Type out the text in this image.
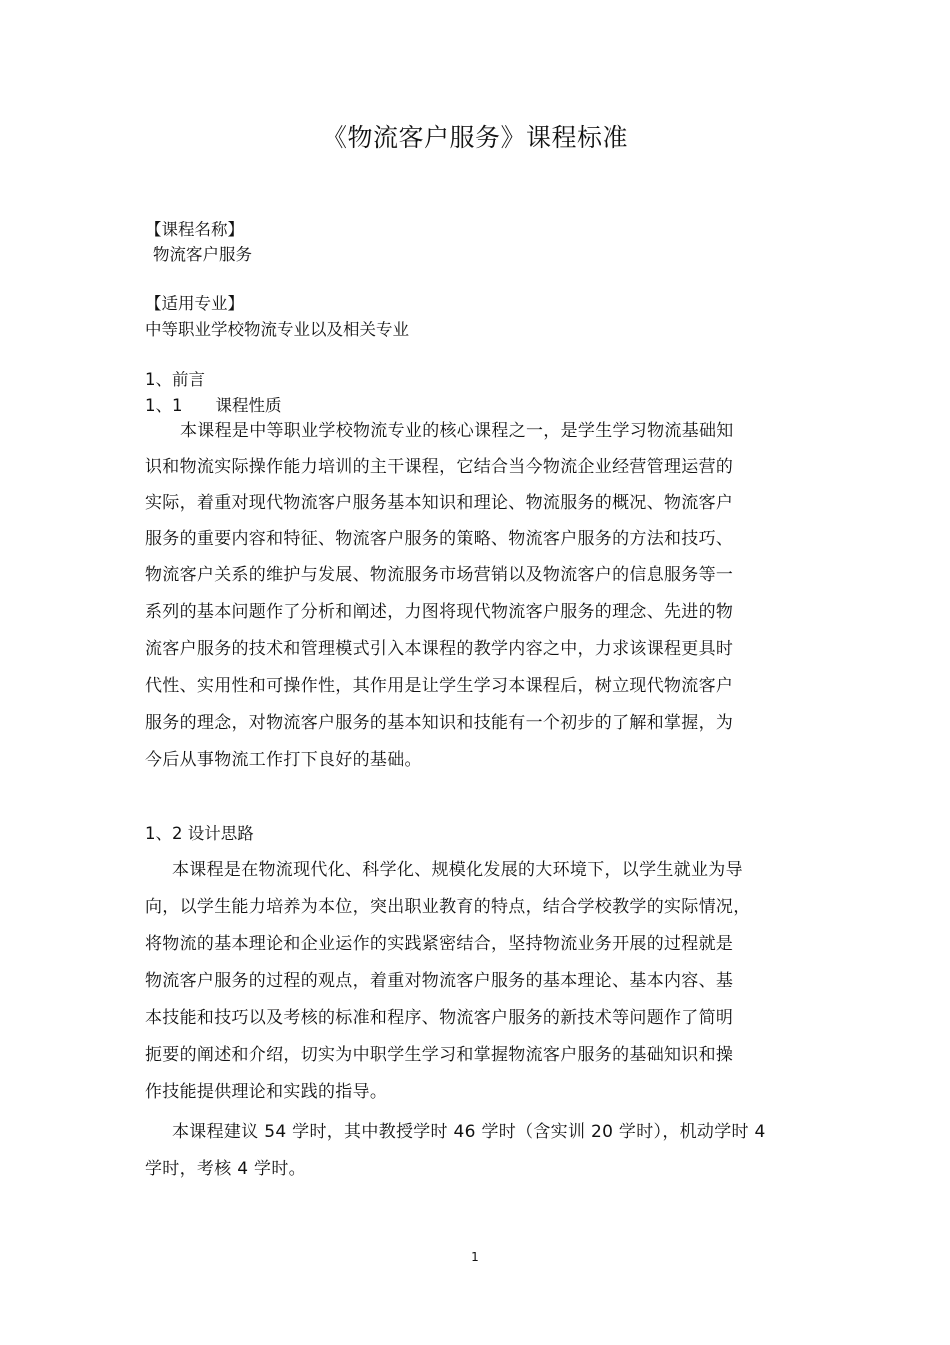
《物流客户服务》课程标准
【课程名称】
物流客户服务
【适用专业】
中等职业学校物流专业以及相关专业
1、前言
1、1　　课程性质
本课程是中等职业学校物流专业的核心课程之一，是学生学习物流基础知
识和物流实际操作能力培训的主干课程，它结合当今物流企业经营管理运营的
实际，着重对现代物流客户服务基本知识和理论、物流服务的概况、物流客户
服务的重要内容和特征、物流客户服务的策略、物流客户服务的方法和技巧、
物流客户关系的维护与发展、物流服务市场营销以及物流客户的信息服务等一
系列的基本问题作了分析和阐述，力图将现代物流客户服务的理念、先进的物
流客户服务的技术和管理模式引入本课程的教学内容之中，力求该课程更具时
代性、实用性和可操作性，其作用是让学生学习本课程后，树立现代物流客户
服务的理念，对物流客户服务的基本知识和技能有一个初步的了解和掌握，为
今后从事物流工作打下良好的基础。
1、2 设计思路
本课程是在物流现代化、科学化、规模化发展的大环境下，以学生就业为导
向，以学生能力培养为本位，突出职业教育的特点，结合学校教学的实际情况，
将物流的基本理论和企业运作的实践紧密结合，坚持物流业务开展的过程就是
物流客户服务的过程的观点，着重对物流客户服务的基本理论、基本内容、基
本技能和技巧以及考核的标准和程序、物流客户服务的新技术等问题作了简明
扼要的阐述和介绍，切实为中职学生学习和掌握物流客户服务的基础知识和操
作技能提供理论和实践的指导。
本课程建议 54 学时，其中教授学时 46 学时（含实训 20 学时），机动学时 4
学时，考核 4 学时。
1
